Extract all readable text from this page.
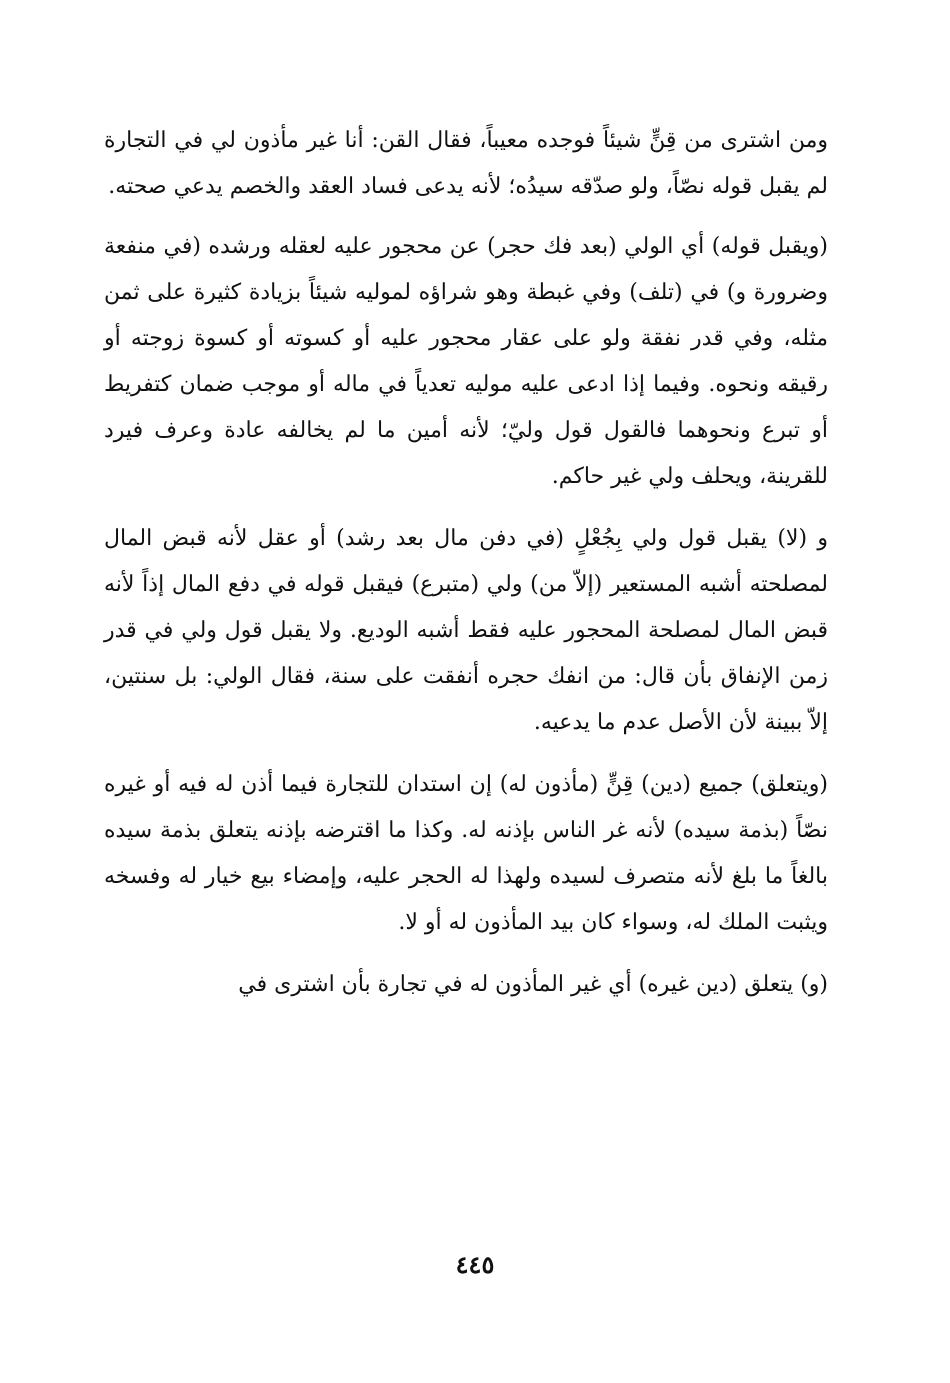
ومن اشترى من قِنٍّ شيئاً فوجده معيباً، فقال القن: أنا غير مأذون لي في التجارة لم يقبل قوله نصّاً، ولو صدّقه سيدُه؛ لأنه يدعى فساد العقد والخصم يدعي صحته.

(ويقبل قوله) أي الولي (بعد فك حجر) عن محجور عليه لعقله ورشده (في منفعة وضرورة و) في (تلف) وفي غبطة وهو شراؤه لموليه شيئاً بزيادة كثيرة على ثمن مثله، وفي قدر نفقة ولو على عقار محجور عليه أو كسوته أو كسوة زوجته أو رقيقه ونحوه. وفيما إذا ادعى عليه موليه تعدياً في ماله أو موجب ضمان كتفريط أو تبرع ونحوهما فالقول قول وليّ؛ لأنه أمين ما لم يخالفه عادة وعرف فيرد للقرينة، ويحلف ولي غير حاكم.

و (لا) يقبل قول ولي بِجُعْلٍ (في دفن مال بعد رشد) أو عقل لأنه قبض المال لمصلحته أشبه المستعير (إلاّ من) ولي (متبرع) فيقبل قوله في دفع المال إذاً لأنه قبض المال لمصلحة المحجور عليه فقط أشبه الوديع. ولا يقبل قول ولي في قدر زمن الإنفاق بأن قال: من انفك حجره أنفقت على سنة، فقال الولي: بل سنتين، إلاّ ببينة لأن الأصل عدم ما يدعيه.

(ويتعلق) جميع (دين) قِنٍّ (مأذون له) إن استدان للتجارة فيما أذن له فيه أو غيره نصّاً (بذمة سيده) لأنه غر الناس بإذنه له. وكذا ما اقترضه بإذنه يتعلق بذمة سيده بالغاً ما بلغ لأنه متصرف لسيده ولهذا له الحجر عليه، وإمضاء بيع خيار له وفسخه ويثبت الملك له، وسواء كان بيد المأذون له أو لا.

(و) يتعلق (دين غيره) أي غير المأذون له في تجارة بأن اشترى في

٤٤٥
